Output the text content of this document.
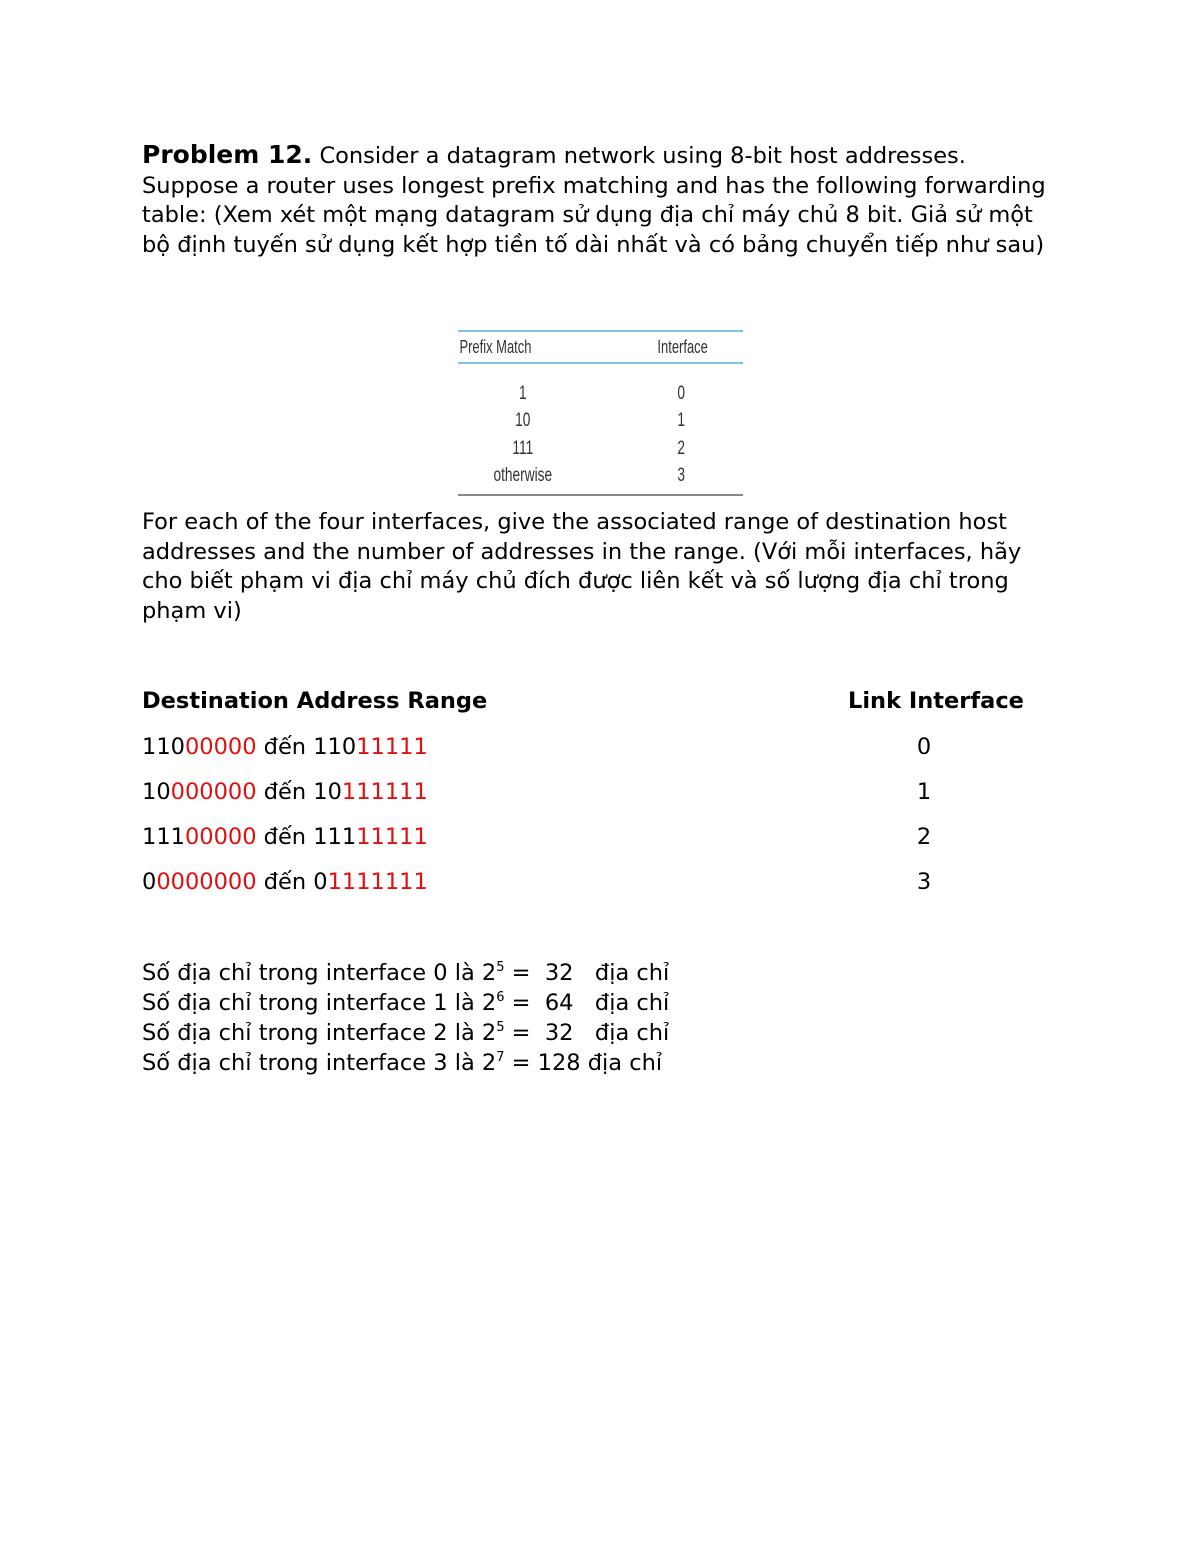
Problem 12. Consider a datagram network using 8-bit host addresses. Suppose a router uses longest prefix matching and has the following forwarding table: (Xem xét một mạng datagram sử dụng địa chỉ máy chủ 8 bit. Giả sử một bộ định tuyến sử dụng kết hợp tiền tố dài nhất và có bảng chuyển tiếp như sau)

Prefix Match	Interface
1	0
10	1
111	2
otherwise	3

For each of the four interfaces, give the associated range of destination host addresses and the number of addresses in the range. (Với mỗi interfaces, hãy cho biết phạm vi địa chỉ máy chủ đích được liên kết và số lượng địa chỉ trong phạm vi)

Destination Address Range	Link Interface
11000000 đến 11011111	0
10000000 đến 10111111	1
11100000 đến 11111111	2
00000000 đến 01111111	3
Số địa chỉ trong interface 0 là $2^5 = 32$   địa chỉ
Số địa chỉ trong interface 1 là $2^6 = 64$   địa chỉ
Số địa chỉ trong interface 2 là $2^5 = 32$   địa chỉ
Số địa chỉ trong interface 3 là $2^7 = 128$ địa chỉ
